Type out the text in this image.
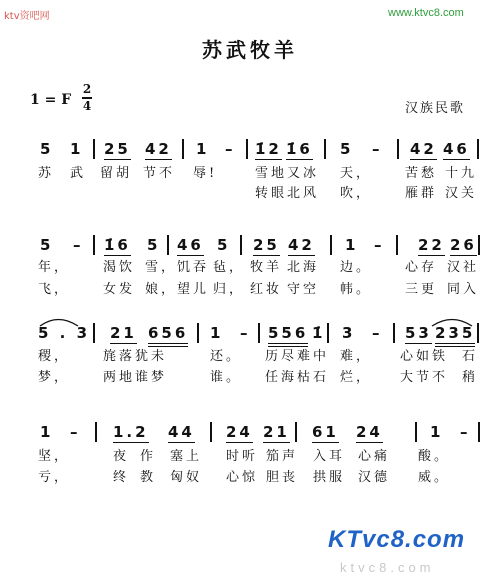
ktv资吧网	www.ktvc8.com
苏武牧羊
1 = F
2
4	汉族民歌
5 1 25 42 1 – 1̇2 1̇6 5 – 42 46
苏 武 留胡 节不 辱!	雪地 又冰 天，	苦愁 十九
转眼 北风 吹，	雁群 汉关
5 – 1̇6 5 46 5 25 42 1 – 22 26
年，	渴饮 雪， 饥吞 毡， 牧羊 北海 边。	心存 汉社
飞，	女发 娘， 望儿 归， 红妆 守空 帏。	三更 同入
5 . 3 21 656 1 – 556 1̇ 3 – 53 235
稷，	旄落犹未	还。 历尽难中 难， 心如铁 石
梦，	两地谁梦	谁。 任海枯石 烂， 大节不 稍
1 – 1.2 44 24 21 61 24	1 –
坚，	夜 作 塞上 时听 笳声 入耳 心痛 酸。
亏，	终 教 匈奴 心惊 胆丧 拱服 汉德 威。
KTvc8.com
ktvc8.com
